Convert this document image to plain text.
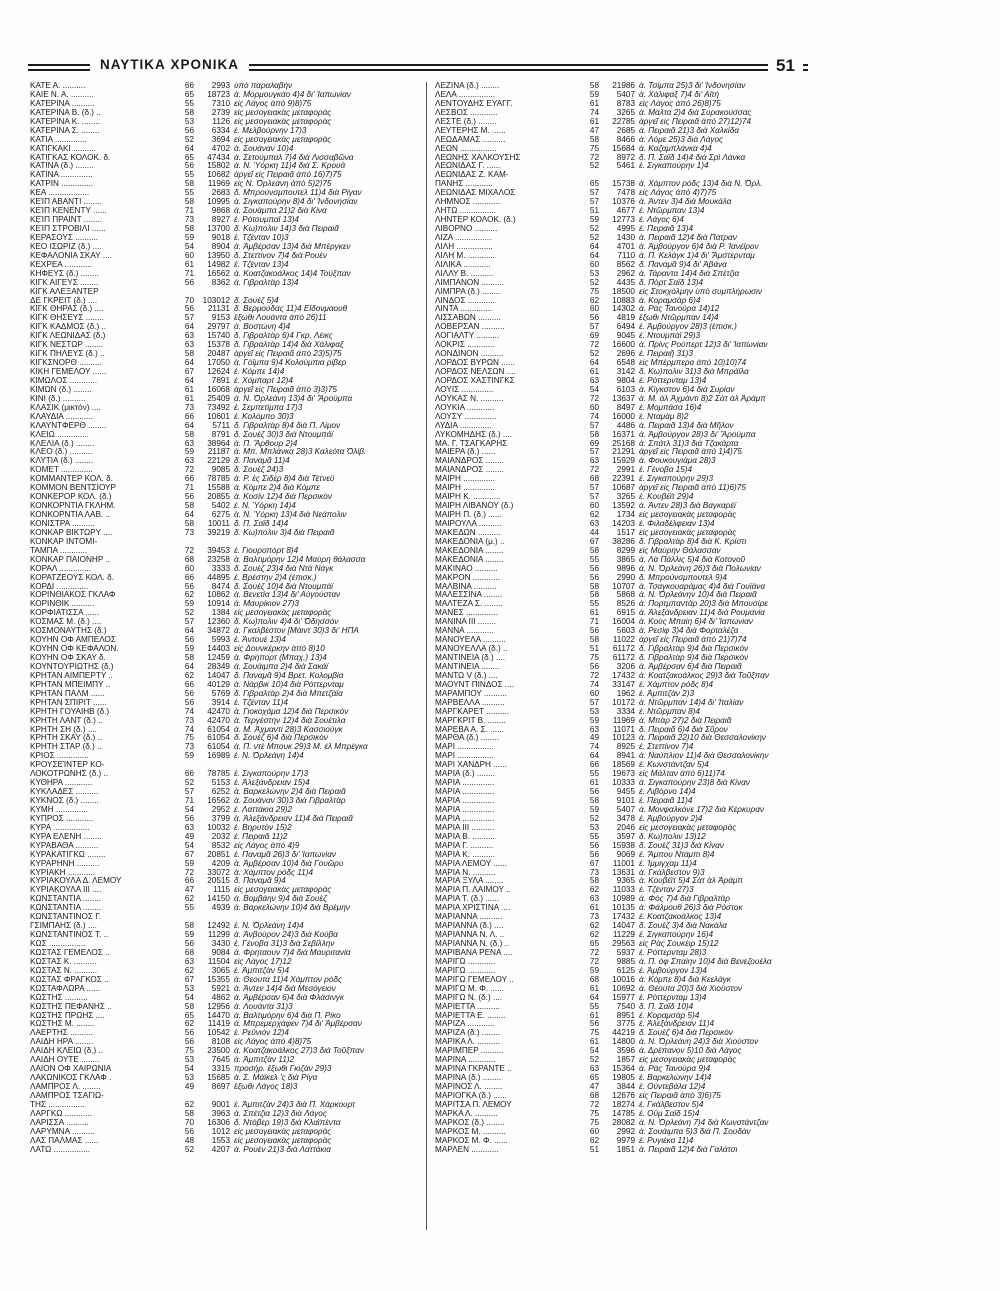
ΝΑΥΤΙΚΑ ΧΡΟΝΙΚΑ	51
ΚΑΤΕ Α. ..........	66	2993 ὑπὸ παραλαβὴν
ΚΑΙΕ Ν. Α. ..........	65	18723 ἀ. Μορμουγκάο 4)4 δι' Ἰαπωνίαν
ΚΑΤΕΡΙΝΑ ..........	55	7310 εἰς Λάγος ἀπὸ 9)8)75
ΚΑΤΕΡΙΝΑ Β. (δ.) ..	58	2739 εἰς μεσογειακὰς μεταφορὰς
ΚΑΤΕΡΙΝΑ Κ. ........	53	1126 εἰς μεσογειακὰς μεταφορὰς
ΚΑΤΕΡΙΝΑ Σ. ........	56	6334 ἐ. Μελβούρνην 17)3
ΚΑΤΙΑ ..............	52	3694 εἰς μεσογειακὰς μεταφορὰς
ΚΑΤΙΓΚΑΚΙ ..........	64	4702 ἀ. Σουάναν 10)4
ΚΑΤΙΓΚΑΣ ΚΟΛΟΚ. δ.	65	47434 ἀ. Σετούμπαλ 7)4 διὰ Λισσαβῶνα
ΚΑΤΙΝΑ (δ.) ........	56	15802 ἀ. Ν. Ὑόρκη 11)4 διὰ Σ. Κρουά
ΚΑΤΙΝΑ ..............	55	10682 ἀργεῖ εἰς Πειραιᾶ ἀπὸ 16)7)75
ΚΑΤΡΙΝ ..............	58	11969 εἰς Ν. Ὀρλεάνη ἀπὸ 5)2)75
ΚΕΑ ..................	55	2683 δ. Μπρούνσμπουτελ 11)4 διὰ Ρίγαν
ΚΕΊΠ ΑΒΑΝΤΙ ........	58	10995 ἀ. Σιγκαπούρην 8)4 δι' Ἰνδονησίαν
ΚΕΊΠ ΚΕΝΕΝΤΥ ......	71	9868 ἀ. Σουάμπα 21)2 διὰ Κίνα
ΚΕΊΠ ΠΡΑΙΝΤ ........	73	8927 ἐ. Ρότουμπαϊ 13)4
ΚΕΊΠ ΣΤΡΟΒΙΛΙ ......	58	13700 δ. Κω)πολιν 14)3 διὰ Πειραιᾶ
ΚΕΡΑΣΟΥΣ ..........	59	9018 ἐ. Τζένταν 10)3
ΚΕΟ ΙΣΩΡΙΖ (δ.) ....	54	8904 ἀ. Ἀμβέρσαν 13)4 διὰ Μπέργκεν
ΚΕΦΑΛΟΝΙΑ ΣΚΑΥ ....	60	13950 δ. Στεττίνον 7)4 διὰ Ρουὲν
ΚΕΧΡΕΑ ............	61	14982 ἐ. Τζένταν 13)4
ΚΗΦΕΥΣ (δ.) ........	71	16562 ἀ. Κοατζακοάλκος 14)4 Τούξπαν
ΚΙΓΚ ΑΙΓΕΥΣ ........	56	8362 ἀ. Γιβραλτὰρ 13)4
ΚΙΓΚ ΑΛΕΞΑΝΤΕΡ
ΔΕ ΓΚΡΕΙΤ (δ.) ....	70	103012 δ. Σουὲζ 5)4
ΚΙΓΚ ΘΗΡΑΣ (δ.) ....	56	21131 δ. Βερμούδας 11)4 Εἴδονμαουθ
ΚΙΓΚ ΘΗΣΕΥΣ ........	57	9153 ἔξωθι Λουάντα ἀπὸ 26)11
ΚΙΓΚ ΚΑΔΜΟΣ (δ.) ..	64	29797 ἀ. Βοστώνη 4)4
ΚΙΓΚ ΛΕΩΝΙΔΑΣ (δ.)	63	15740 δ. Γιβραλτὰρ 6)4 Γκρ. Λέικς
ΚΙΓΚ ΝΕΣΤΩΡ ........	63	15378 δ. Γιβραλτὰρ 14)4 διὰ Χάλιφαξ
ΚΙΓΚ ΠΗΛΕΥΣ (δ.) ..	58	20487 ἀργεῖ εἰς Πειραιᾶ ἀπὸ 23)5)75
ΚΙΓΚΣΝΟΡΘ ..........	64	17050 ἀ. Γόϊμπα 9)4 Κολούμπια ρίβερ
ΚΙΚΗ ΓΕΜΕΛΟΥ ......	67	12624 ἐ. Κόμπε 14)4
ΚΙΜΩΛΟΣ ............	64	7891 ἐ. Χόμπαρτ 12)4
ΚΙΜΩΝ (δ.) ........	61	16068 ἀργεῖ εἰς Πειραιᾶ ἀπὸ 3)3)75
ΚΙΝΙ (δ.) ..........	61	25409 ἀ. Ν. Ὀρλεάνη 13)4 δι' Ἄρούμπα
ΚΛΑΣΙΚ (μικτόν) ....	73	73492 ἐ. Σεμπετίμπα 17)3
ΚΛΑΥΔΙΑ ............	66	10601 ἐ. Κολόμπο 30)3
ΚΛΑΥΝΤΦΕΡΘ ........	64	5711 δ. Γιβραλτὰρ 8)4 διὰ Π. Λίμον
ΚΛΕΙΩ ..............	58	8791 δ. Σουὲζ 30)3 διὰ Ντουμπάϊ
ΚΛΕΛΙΑ (δ.) ........	63	38964 ἀ. Π. Ἄρθουρ 2)4
ΚΛΕΟ (δ.) ..........	59	21187 ἀ. Μπ. Μπλάνκα 28)3 Καλεότα Ὀλίβ.
ΚΛΥΤΙΑ (δ.) ........	63	22129 δ. Παναμᾶ 11)4
ΚΟΜΕΤ ..............	72	9085 δ. Σουὲζ 24)3
ΚΟΜΜΑΝΤΕΡ ΚΟΛ. δ.	66	78785 ἀ. Ρ. ἐς Σιδέρ 8)4 διὰ Τέτνεϋ
ΚΟΜΜΟΝ ΒΕΝΤΣΙΟΥΡ	71	15588 ἀ. Κόμπε 2)4 διὰ Κόμπε
ΚΟΝΚΕΡΟΡ ΚΟΛ. (δ.)	56	20855 ἀ. Κοσὶν 12)4 διὰ Περσικὸν
ΚΟΝΚΟΡΝΤΙΑ ΓΚΛΗΜ.	58	5402 ἐ. Ν. Ὑόρκη 14)4
ΚΟΝΚΟΡΝΤΙΑ ΛΑΒ. ..	64	6275 ἀ. Ν. Ὑόρκη 13)4 διὰ Νεάπολιν
ΚΟΝΙΣΤΡΑ ..........	58	10011 δ. Π. Σαΐδ 14)4
ΚΟΝΚΑΡ ΒΙΚΤΩΡΥ ....	73	39219 δ. Κω)πολιν 3)4 διὰ Πειραιᾶ
ΚΟΝΚΑΡ ΙΝΤΟΜΙ-
ΤΑΜΠΑ ............	72	39453 ἐ. Γιουροπόρτ 8)4
ΚΟΝΚΑΡ ΠΑΙΟΝΗΡ ..	68	23258 ἀ. Βαλτιμόρην 12)4 Μαύρη θάλασσα
ΚΟΡΑΛ ..............	60	3333 δ. Σουὲζ 23)4 διὰ Ντὰ Νάγκ
ΚΟΡΑΤΖΕΟΥΣ ΚΟΛ. δ.	66	44895 ἐ. Βρέστην 2)4 (ἐπισκ.)
ΚΟΡΔΙ ..............	56	8474 δ. Σουὲζ 10)4 διὰ Ντουμπάϊ
ΚΟΡΙΝΘΙΑΚΟΣ ΓΚΛΑΦ	62	10862 ἀ. Βενετία 13)4 δι' Αὐγούσταν
ΚΟΡΙΝΘΙΚ ..........	59	10914 ἀ. Μαυρίκιον 27)3
ΚΟΡΦΙΑΤΙΣΣΑ ......	52	1384 εἰς μεσογειακὰς μεταφορὰς
ΚΟΣΜΑΣ Μ. (δ.) ....	57	12360 δ. Κω)πολιν 4)4 δι' Ὀδησσόν
ΚΟΣΜΟΝΑΥΤΗΣ (δ.)	64	34872 ἀ. Γκαλβέστον [Μάιντ 30)3 δι' ΗΠΑ
ΚΟΥΗΝ ΟΦ ΑΜΠΕΛΟΣ	56	5993 ἐ. Ἀντουὲ 13)4
ΚΟΥΗΝ ΟΦ ΚΕΦΑΛΟΝ.	59	14403 εἰς Δουνκέρκην ἀπὸ 8)10
ΚΟΥΗΝ ΟΦ ΣΚΑΥ δ.	58	12459 ἀ. Φρήπορτ (Μπαχ.) 13)4
ΚΟΥΝΤΟΥΡΙΩΤΗΣ (δ.)	64	28349 ἀ. Σουάιμπα 2)4 διὰ Σακάϊ
ΚΡΗΤΑΝ ΑΙΜΠΕΡΤΥ ..	62	14047 δ. Παναμᾶ 9)4 Βρετ. Κολομβία
ΚΡΗΤΑΝ ΜΠΕΙΜΠΥ ..	66	40129 ἀ. Νάρβικ 10)4 διὰ Ρόττερνταμ
ΚΡΗΤΑΝ ΠΑΛΜ ......	56	5769 δ. Γιβραλτὰρ 2)4 διὰ Μπετζάϊα
ΚΡΗΤΑΝ ΣΠΙΡΙΤ ......	56	3914 ἐ. Τζένταν 11)4
ΚΡΗΤΗ ΓΟΥΑΙΗΒ (δ.)	74	42470 ἀ. Γιοκοχάμα 12)4 διὰ Περσικὸν
ΚΡΗΤΗ ΛΑΝΤ (δ.) ..	73	42470 ἀ. Τεργέστην 12)4 διὰ Σουέτιλα
ΚΡΗΤΗ ΣΗ (δ.) ....	74	61054 ἀ. Μ. Ἀχμαντὶ 28)3 Κασσιούγκ
ΚΡΗΤΗ ΣΚΑΥ (δ.) ..	75	61054 δ. Σουὲζ 6)4 διὰ Περσικὸν
ΚΡΗΤΗ ΣΤΑΡ (δ.) ..	73	61054 ἀ. Π. ντὲ Μπουκ 29)3 Μ. ἐλ Μπρέγκα
ΚΡΙΟΣ ..............	59	16989 ἐ. Ν. Ὀρλεάνη 14)4
ΚΡΟΥΣΕΊΝΤΕΡ ΚΟ-
ΛΟΚΟΤΡΩΝΗΣ (δ.) ..	66	78785 ἐ. Σιγκαπούρην 17)3
ΚΥΘΗΡΑ ............	52	5153 ἐ. Ἀλεξάνδρειαν 15)4
ΚΥΚΛΑΔΕΣ ..........	57	6252 ἀ. Βαρκελώνην 2)4 διὰ Πειραιᾶ
ΚΥΚΝΟΣ (δ.) ........	71	16562 ἀ. Σουάναν 30)3 διὰ Γιβραλτὰρ
ΚΥΜΗ ..............	54	2952 ἐ. Λαττάκια 29)2
ΚΥΠΡΟΣ ............	56	3799 ἀ. Ἀλεξάνδρειαν 11)4 διὰ Πειραιᾶ
ΚΥΡΑ ................	63	10032 ἐ. Βηρυτὸν 15)2
ΚΥΡΑ ΕΛΕΝΗ ........	49	2032 ἐ. Πειραιᾶ 11)2
ΚΥΡΑΒΑΘΑ ..........	54	8532 εἰς Λάγος ἀπὸ 4)9
ΚΥΡΑΚΑΤΙΓΚΩ ........	67	20851 ἐ. Παναμᾶ 26)3 δι' Ἰαπωνίαν
ΚΥΡΑΡΗΝΗ ..........	59	4209 ἀ. Ἀμβέρσαν 10)4 διὰ Γουῶρυ
ΚΥΡΙΑΚΗ ............	72	33072 ἀ. Χάμπτον ρόδς 11)4
ΚΥΡΙΑΚΟΥΛΑ Δ. ΛΕΜΟΥ	66	20515 δ. Παναμᾶ 9)4
ΚΥΡΙΑΚΟΥΛΑ ΙΙΙ ....	47	1115 εἰς μεσογειακὰς μεταφορὰς
ΚΩΝΣΤΑΝΤΙΑ ........	62	14150 ἀ. Βομβάην 9)4 διὰ Σουὲζ
ΚΩΝΣΤΑΝΤΙΑ ........	55	4939 ἀ. Βαρκελώνην 10)4 διὰ Βρέμην
ΚΩΝΣΤΑΝΤΙΝΟΣ Γ.
ΓΣΙΜΠΑΗΣ (δ.) ....	58	12492 ἐ. Ν. Ὀρλεάνη 14)4
ΚΩΝΣΤΑΝΤΙΝΟΣ Τ. ..	59	11299 ἀ. Ἀνβούρον 24)3 διὰ Κούβα
ΚΩΣ ................	56	3430 ἐ. Γένοβα 31)3 διὰ Σεβίλλην
ΚΩΣΤΑΣ ΓΕΜΕΛΟΣ ..	68	9084 ἀ. Φρηταουν 7)4 διὰ Μαυριτανία
ΚΩΣΤΑΣ Κ. ..........	63	11504 εἰς Λάγος 17)12
ΚΩΣΤΑΣ Ν. ..........	62	3065 ἐ. Ἀμπιτζὰν 5)4
ΚΩΣΤΑΣ ΦΡΑΓΚΟΣ ..	67	15355 ἀ. Θεουτα 11)4 Χάμπτον ρόδς
ΚΩΣΤΑΦΛΩΡΑ ......	53	5921 ἀ. Ἀντεν 14)4 διὰ Μεσόγειον
ΚΩΣΤΗΣ ..........	54	4862 ἀ. Ἀμβέρσαν 6)4 διὰ Φλάσινγκ
ΚΩΣΤΗΣ ΠΕΦΑΝΗΣ ..	58	12956 ἀ. Λουάντα 31)3
ΚΩΣΤΗΣ ΠΡΩΗΣ ....	65	14470 ἀ. Βαλτιμόρην 6)4 διὰ Π. Ρίκο
ΚΩΣΤΗΣ Μ. ........	62	11419 ἀ. Μπρεμερχάφεν 7)4 δι' Ἀμβέρσαν
ΛΑΕΡΤΗΣ ..........	56	10542 ἐ. Ρεϋνιὸν 12)4
ΛΑΙΔΗ ΗΡΑ ........	56	8108 εἰς Λάγος ἀπὸ 4)8)75
ΛΑΙΔΗ ΚΛΕΙΩ (δ.) ..	75	23500 ἀ. Κοατζακοάλκος 27)3 διὰ Τοῦξπαν
ΛΑΙΔΗ ΟΥΤΕ ........	53	7645 ἀ. Ἀμπιτζὰν 11)2
ΛΑΙΟΝ ΟΦ ΧΑΙΡΩΝΙΑ	54	3315 προσὴρ. ἔξωθι Γκιζὰν 29)3
ΛΑΚΩΝΙΚΟΣ ΓΚΛΑΦ .	53	15685 ἀ. Σ. Μάϊκελ 'ς διὰ Ρίγα
ΛΑΜΠΡΟΣ Λ. ........	49	8697 ἔξωθι Λάγος 18)3
ΛΑΜΠΡΟΣ ΤΣΑΓΙΩ-
ΤΗΣ ................	62	9001 ἐ. Ἀμπιτζὰν 24)3 διὰ Π. Χάρκουρτ
ΛΑΡΓΚΩ ............	58	3963 ἀ. Σπέτζια 12)3 διὰ Λάγος
ΛΑΡΙΣΣΑ ..........	70	16306 δ. Ντόβερ 19)3 διὰ Κλαϊπέντα
ΛΑΡΥΜΝΑ ..........	56	1012 εἰς μεσογειακὰς μεταφορὰς
ΛΑΣ ΠΑΛΜΑΣ ......	48	1553 εἰς μεσογειακὰς μεταφορὰς
ΛΑΤΩ ................	52	4207 ἀ. Ρουὲν 21)3 διὰ Λαττάκια
ΛΕΖΙΝΑ (δ.) ........	58	21986 ἀ. Τσίμπα 25)3 δι' Ἰνδονησίαν
ΛΕΛΑ ................	59	5407 ἀ. Χάλιφαξ 7)4 δι' Αϊτή
ΛΕΝΤΟΥΔΗΣ ΕΥΑΓΓ.	61	8783 εἰς Λάγος ἀπὸ 26)8)75
ΛΕΣΒΟΣ ............	74	3265 ἀ. Μάλτα 2)4 διὰ Συρακούσσας
ΛΕΣΤΕ (δ.) ........	61	22785 ἀργεῖ εἰς Πειραιᾶ ἀπὸ 27)12)74
ΛΕΥΤΕΡΗΣ Μ. ......	47	2685 ἀ. Πειραιᾶ 21)3 διὰ Χαλκίδα
ΛΕΩΔΑΜΑΣ ..........	58	8466 ἀ. Λόμε 25)3 διὰ Λάγος
ΛΕΩΝ ................	75	15684 ἀ. Καζαμπλάνκα 4)4
ΛΕΩΝΗΣ ΧΑΛΚΟΥΣΗΣ	72	8972 δ. Π. Σαΐδ 14)4 διὰ Σρὶ Λάνκα
ΛΕΩΝΙΔΑΣ Γ. ......	52	5461 ἐ. Σιγκαπούρην 1)4
ΛΕΩΝΙΔΑΣ Ζ. ΚΑΜ-
ΠΑΝΗΣ ............	65	15738 ἀ. Χάμπτον ρόδς 13)4 διὰ Ν. Ὀρλ.
ΛΕΩΝΙΔΑΣ ΜΙΧΑΛΟΣ	57	7478 εἰς Λάγος ἀπὸ 4)7)75
ΛΗΜΝΟΣ ............	57	10376 ἀ. Ἀντεν 3)4 διὰ Μουκάλα
ΛΗΤΩ ................	51	4677 ἐ. Ντῶρμπαν 13)4
ΛΗΝΤΕΡ ΚΟΛΟΚ. (δ.)	59	12773 ἐ. Λάγος 6)4
ΛΙΒΟΡΝΟ ..........	52	4995 ἐ. Πειραιᾶ 13)4
ΛΙΖΑ ................	52	1430 ἀ. Πειραιᾶ 12)4 διὰ Πάτραν
ΛΙΛΗ ................	64	4701 ἀ. Ἀμβούργον 6)4 διὰ Ρ. Ἰανέϊρον
ΛΙΛΗ Μ. ............	64	7110 ἀ. Π. Κελάγκ 1)4 δι' Ἄμστερνταμ
ΛΙΛΙΚΑ ............	60	8562 δ. Παναμᾶ 9)4 δι' Ἀβάνα
ΛΙΛΛΥ Β. ..........	53	2962 ἀ. Τάραντα 14)4 διὰ Σπέτζια
ΛΙΜΠΑΝΟΝ ..........	52	4435 δ. Πὸρτ Σαΐδ 13)4
ΛΙΜΠΡΑ (δ.) ........	75	18500 εἰς Στοκχόλμην ὑπὸ συμπλήρωσιν
ΛΙΝΔΟΣ ............	62	10883 ἀ. Κοραμσὰρ 6)4
ΛΙΝΤΑ ..............	60	14302 ἀ. Ρὰς Τανούρα 14)12
ΛΙΣΣΑΒΩΝ ..........	56	4819 ἔξωθι Ντῶρμπαν 14)4
ΛΟΒΕΡΣΑΝ ..........	57	6494 ἐ. Ἀμβούργον 28)3 (ἐπισκ.)
ΛΟΓΙΑΛΤΥ ..........	69	9045 ἐ. Ντουμπάϊ 29)3
ΛΟΚΡΙΣ ............	72	16600 ἀ. Πρίνς Ρούπερτ 12)3 δι' Ἰαπωνίαν
ΛΟΝΔΙΝΟΝ ..........	52	2696 ἐ. Πειραιῇ 31)3
ΛΟΡΔΟΣ ΒΥΡΩΝ ......	64	6548 εἰς Μπέρμπερα ἀπὸ 10)10)74
ΛΟΡΔΟΣ ΝΕΛΣΩΝ ....	61	3142 δ. Κω)πολιν 31)3 διὰ Μπράϊλα
ΛΟΡΔΟΣ ΧΑΣΤΙΝΓΚΣ	63	9804 ἐ. Ρόττερνταμ 13)4
ΛΟΥΙΣ ..............	54	6103 ἀ. Κίγκστον 6)4 διὰ Συρίαν
ΛΟΥΚΑΣ Ν. ..........	72	13637 ἀ. Μ. ἀλ Ἀχμάντι 8)2 Σὰτ ἀλ Ἀράμπ
ΛΟΥΚΙΑ ............	60	8497 ἐ. Μομπάσα 16)4
ΛΟΥΣΥ ..............	74	16000 ἐ. Νταμὰμ 8)2
ΛΥΔΙΑ ..............	57	4486 ἀ. Πειραιᾶ 13)4 διὰ Μῆλον
ΛΥΚΟΜΗΔΗΣ (δ.) ....	58	16371 ἀ. Ἀμβούργον 28)3 δι' Ἄρούμπα
ΜΑ. Γ. ΤΣΑΓΚΑΡΗΣ	69	25168 ἀ. Σπάτλ 31)3 διὰ Τζακάρτα
ΜΑΙΕΡΑ (δ.) ......	57	21291 ἀργεῖ εἰς Πειραιᾶ ἀπὸ 1)4)75
ΜΑΙΑΝΔΡΟΣ ........	63	15929 ἀ. Φουκουγιάμα 28)3
ΜΑΙΑΝΔΡΟΣ ........	72	2991 ἐ. Γένοβα 15)4
ΜΑΙΡΗ ..............	68	22391 ἐ. Σιγκαπούρην 29)3
ΜΑΙΡΗ ..............	57	10687 ἀργεῖ εἰς Πειραιᾶ ἀπὸ 11)6)75
ΜΑΙΡΗ Κ. ............	57	3265 ἐ. Κουβέϊτ 29)4
ΜΑΙΡΗ ΛΙΒΑΝΟΥ (δ.)	60	13592 ἀ. Ἀντεν 28)3 διὰ Βαγκαρέϊ
ΜΑΙΡΗ Π. (δ.) ......	62	1734 εἰς μεσογειακὰς μεταφορὰς
ΜΑΙΡΟΥΛΑ ..........	63	14203 ἐ. Φιλαδέλφειαν 13)4
ΜΑΚΕΔΩΝ ..........	44	1517 εἰς μεσογειακὰς μεταφορὰς
ΜΑΚΕΔΟΝΙΑ (μ.) ..	67	38286 δ. Γιβραλτὰρ 8)4 διὰ Κ. Κρίστι
ΜΑΚΕΔΟΝΙΑ ........	58	8299 εἰς Μαύρην Θάλασσαν
ΜΑΚΕΔΟΝΙΑ ........	55	3865 ἀ. Λὰ Πάλλις 5)4 διὰ Κοτονοῦ
ΜΑΚΙΝΑΟ ..........	56	9896 ἀ. Ν. Ὀρλεάνη 26)3 διὰ Πολωνίαν
ΜΑΚΡΟΝ ............	56	2990 δ. Μπρούνσμπουτελ 9)4
ΜΑΛΒΙΝΑ ..........	58	10707 ἀ. Τσαγκουαράμας 4)4 διὰ Γουϊάνα
ΜΑΛΕΣΣΙΝΑ ........	58	5868 ἀ. Ν. Ὀρλεάνην 10)4 διὰ Πειραιᾶ
ΜΑΛΤΕΖΑ Σ. ........	55	8526 ἀ. Πορτμπαντὰρ 20)3 διὰ Μπουσίρε
ΜΑΝΕΣ ..............	61	6915 ἀ. Ἀλεξάνδρειαν 11)4 διὰ Ρουμανία
ΜΑΝΙΝΑ ΙΙΙ ........	71	16004 ἀ. Κοὺς Μπαὶη 6)4 δι' Ἰαπωνίαν
ΜΑΝΝΑ ............	56	5603 ἀ. Ρεσὶφ 3)4 διὰ Φορταλέζα
ΜΑΝΟΥΕΛΑ ..........	58	11022 ἀργεῖ εἰς Πειραιᾶ ἀπὸ 21)7)74
ΜΑΝΟΥΕΛΛΑ (δ.) ..	51	61172 δ. Γιβραλτὰρ 9)4 διὰ Περσικὸν
ΜΑΝΤΙΝΕΙΑ (δ.) ....	75	61172 δ. Γιβραλτὰρ 9)4 διὰ Περσικὸν
ΜΑΝΤΙΝΕΙΑ ........	56	3206 ἀ. Ἀμβέρσαν 6)4 διὰ Πειραιᾶ
ΜΑΝΤΩ V (δ.) ....	72	17432 ἀ. Κοατζακοάλκος 29)3 διὰ Τοῦξπαν
ΜΑΟΥΝΤ ΠΙΝΔΟΣ ....	74	33147 ἐ. Χάμπτον ρόδς 8)4
ΜΑΡΑΜΠΟΥ ..........	60	1962 ἐ. Ἀμπιτζὰν 2)3
ΜΑΡΒΕΛΛΑ ..........	57	10172 ἀ. Ντῶρμπαν 14)4 δι' Ἰταλίαν
ΜΑΡΓΚΑΡΕΤ ..........	53	3334 ἐ. Ντῶρμπαν 8)4
ΜΑΡΓΚΡΙΤ Β. ........	59	11969 ἀ. Μπὰρ 27)2 διὰ Πειραιᾶ
ΜΑΡΕΒΑ Α. Σ. ......	63	11071 δ. Πειραιᾶ 6)4 διὰ Σῦρον
ΜΑΡΘΑ (δ.) ........	49	10123 ἀ. Πειραιᾶ 22)10 διὰ Θεσσαλονίκην
ΜΑΡΙ ................	74	8925 ἐ. Στεττίνον 7)4
ΜΑΡΙ ................	64	8941 ἀ. Ναύπλιον 11)4 διὰ Θεσσαλονίκην
ΜΑΡΙ ΧΑΝΔΡΗ ......	66	18569 ἐ. Κωνστάντζαν 5)4
ΜΑΡΙΑ (δ.) ........	55	19673 εἰς Μάλταν ἀπὸ 6)11)74
ΜΑΡΙΑ ..............	61	10333 ἀ. Σιγκαπούρην 23)8 διὰ Κίναν
ΜΑΡΙΑ ..............	56	9455 ἐ. Λιβόρνο 14)4
ΜΑΡΙΑ ..............	58	9101 ἐ. Πειραιᾶ 11)4
ΜΑΡΙΑ ..............	59	5407 ἀ. Μονφαλκόνε 17)2 διὰ Κέρκυραν
ΜΑΡΙΑ ..............	52	3478 ἐ. Ἀμβούργον 2)4
ΜΑΡΙΑ ΙΙΙ ..........	53	2046 εἰς μεσογειακὰς μεταφορὰς
ΜΑΡΙΑ Β. ..........	55	3597 δ. Κω)πολιν 13)12
ΜΑΡΙΑ Γ. ..........	56	15938 δ. Σουὲζ 31)3 διὰ Κίναν
ΜΑΡΙΑ Κ. ..........	56	9069 ἐ. Ἄμπου Ντάμπι 8)4
ΜΑΡΙΑ ΛΕΜΟΥ ......	67	11001 ἐ. Ἰμμιγχαμ 11)4
ΜΑΡΙΑ Ν. ..........	73	13631 ἀ. Γκάλβεστον 9)3
ΜΑΡΙΑ ΞΥΛΑ ........	58	9365 ἀ. Κουβέϊτ 5)4 Σὰτ ἀλ Ἀράμπ
ΜΑΡΙΑ Π. ΛΑΙΜΟΥ ..	62	11033 ἐ. Τζένταν 27)3
ΜΑΡΙΑ Τ. (δ.) ......	63	10989 ἀ. Φὸς 7)4 διὰ Γιβραλτὰρ
ΜΑΡΙΑ ΧΡΙΣΤΙΝΑ ....	61	10135 ἀ. Φάλμουθ 26)3 διὰ Ρόστοκ
ΜΑΡΙΑΝΝΑ ..........	73	17432 ἐ. Κοατζακοάλκος 13)4
ΜΑΡΙΑΝΝΑ (δ.) ....	62	14047 δ. Σουὲζ 3)4 διὰ Νακάλα
ΜΑΡΙΑΝΝΑ Ν. Λ. ..	62	11229 ἐ. Σιγκαπούρην 16)4
ΜΑΡΙΑΝΝΑ Ν. (δ.) ..	65	29563 εἰς Ρὰς Σουκέιρ 15)12
ΜΑΡΙΒΑΝΑ ΡΕΝΑ ....	72	5937 ἐ. Ρόττερνταμ 28)3
ΜΑΡΙΓΩ ............	72	9885 ἀ. Π. ὀφ Σπαὶην 10)4 διὰ Βενεζουέλα
ΜΑΡΙΓΩ ............	59	6125 ἐ. Ἀμβούργον 13)4
ΜΑΡΙΓΩ ΓΕΜΕΛΟΥ ..	68	10016 ἀ. Κόμπε 8)4 διὰ Κεελάγκ
ΜΑΡΙΓΩ Μ. Φ. ......	61	10692 ἀ. Θέουτα 20)3 διὰ Χιούστον
ΜΑΡΙΓΩ Ν. (δ.) ....	64	15977 ἐ. Ρόττερνταμ 13)4
ΜΑΡΙΕΤΤΑ ..........	55	7540 δ. Π. Σαΐδ 10)4
ΜΑΡΙΕΤΤΑ Ε. ........	61	8951 ἐ. Κοραμσὰρ 5)4
ΜΑΡΙΖΑ ............	56	3775 ἐ. Ἀλεξάνδρειαν 11)4
ΜΑΡΙΖΑ (δ.) ........	75	44219 δ. Σουὲζ 6)4 διὰ Περσικὸν
ΜΑΡΙΚΑ Λ. ..........	61	14800 ἀ. Ν. Ὀρλεάνη 24)3 διὰ Χιούστον
ΜΑΡΙΜΠΕΡ ..........	54	3596 ἀ. Δρέπανον 5)10 διὰ Λάγος
ΜΑΡΙΝΑ ............	52	1857 εἰς μεσογειακὰς μεταφορὰς
ΜΑΡΙΝΑ ΓΚΡΑΝΤΕ ..	63	15364 ἀ. Ρὰς Τανούρα 9)4
ΜΑΡΙΝΑ (δ.) ........	65	19805 ἐ. Βαρκελώνην 14)4
ΜΑΡΙΝΟΣ Λ. ........	47	3844 ἐ. Οὐντεβάλα 12)4
ΜΑΡΙΟΓΚΑ (δ.) ......	68	12676 εἰς Πειραιᾶ ἀπὸ 3)6)75
ΜΑΡΙΤΣΑ Π. ΛΕΜΟΥ	72	18274 ἐ. Γκάλβεστον 5)4
ΜΑΡΚΑ Λ. ..........	75	14785 ἐ. Οὔμ Σαΐδ 15)4
ΜΑΡΚΟΣ (δ.) ........	75	28082 ἀ. Ν. Ὀρλεάνη 7)4 διὰ Κωνστάντζαν
ΜΑΡΚΟΣ Μ. ..........	60	2992 ἀ. Σουάιμπα 5)3 διὰ Π. Σουδὰν
ΜΑΡΚΟΣ Μ. Φ. ......	62	9979 ἐ. Ρυγιέκα 11)4
ΜΑΡΛΕΝ ............	51	1851 ἀ. Πειραιᾶ 12)4 διὰ Γαλάτσι
